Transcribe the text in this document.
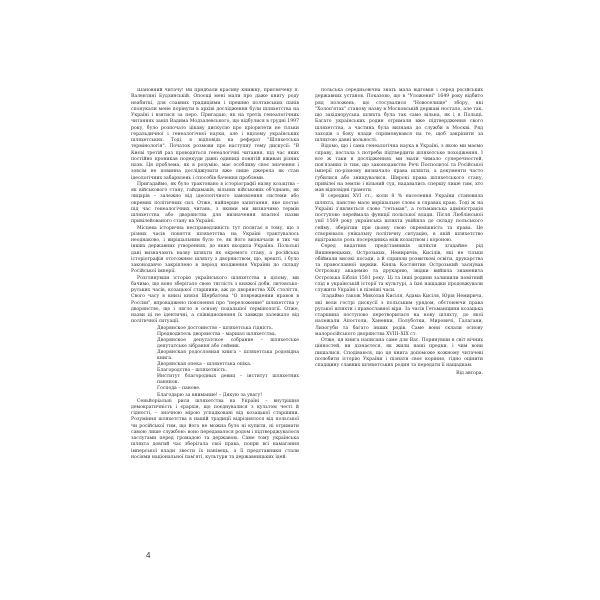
Шановний читачу! Ви придбали красиву книжку, присвячену п. Валентині Будзинській. Опоєщі мені мали про даже книгу роду неабиткі, для славних традиціями і прешню полтавських панів спонукали мене порінути в архіві дослідження були шляхетства на Україні і взятися за перо. Пригадаю, як на третіх генеалогічних читаннях заніп Вадима Модзалевського, що відбулися в грудні 1997 року, було розпочато цікаву дискусію про пріоритети не тільки геральдичної і генеалогічної науки, але і вцілому українських шляхетських. Тоді, в відповідь на реферат "Шляхетська термінологія". Початок розмови про наступну тему дискусії: "В Києві третій раз проводяться генеалогічні читання, під час яких постійно проникав подекуди давні одиниці понятій вживан різних назв. Ця проблема, як я розумію, має особливу своє значення і зовсім не повинна досліджувати вже лише джерела як стан ідеологічних забарвлень і способів бачення проблеми.

Пригадаймо, як було трактовано в історіографії назву козацтва – як військового стану, гайдамаків, вільних військових об'єднань, як лицарів – залежно від ідеологічного замовлення системи або окремих політичних сил. Отже, найперше запитання, яке постає під час генеалогічних читань, з якими ми визначимо термін шляхетства або дворянства для визначення власної назви привілейованого стану на Україні.

Місцева історична несправедливість тут полягає в тому, що з різних часів поняття шляхетства на Україні трактувалось неоднаково, і вирішальним було те, як його визначали в тих чи інших державних утвореннях, до яких входила Україна. Польські дані визначають назву шляхти як окремого стану, а російська історіографія ототожнює шляхту з дворянством, що, врешті, і було законодавчо закріплено в період входження України до складу Російської імперії.

Розглянувши історію українського шляхетства в цілому, ми бачимо, що воно зберігало свою тяглість з княжої доби, литовсько-руських часів, козацької старшини, аж до дворянства XIX століття. Свого часу в книзі князя Щербатова "О повреждении нравов в России", впроваджено пояснення про "переложение" шляхетства у дворянство, що і лягло в основу подальшої термінології. Отже, назви ці не ідентичні, а співвідношення їх завжди залежало від політичної ситуації.

Дворянское достоинство – шляхетська гідність.

Предводитель дворянства – маршал шляхетства.

Дворянское депутатское собрание – шляхетське депутатське зібрання або сеймик.

Дворянская родословная книга – шляхетська родовідна книга.

Дворянская опека – шляхетська опіка.

Благородство – шляхетність.

Институт благородных девиц – інститут шляхетних панянок.

Господа – панове.

Благодарю за внимание! – Дякую за увагу!

Сеньйоріальні риси шляхетства на Україні – внутрішня демократичність і єрархія, що поєднувалися з культом честі й гідності, – значною мірою успадковані від козацької старшини. Розуміння шляхетства в нашій традиції відрізнялося від польської чи російської тим, що його не можна було ні купити, ні отримати самою лише службою: воно передавалося родом і підтверджувалося заслугами перед громадою та державою. Саме тому українська шляхта довгий час зберігала свої права, попри всі намагання імперської влади звести їх нанівець, а її представники стали носіями національної пам'яті, культури та державницьких ідей.

польська середньовічна знать мала відгомін і серед російських державних установ. Показово, що в "Уложенні" 1649 року відбито ряд положень, що стосувалися "Новоселище" збору, які "Холоп'ятах" станову назву в Московській державі ностало, але так, що західноруська шляхта була так само вільна, як і в Польщі. Багато українських родин отримали вже підтвердження свого шляхетства, а частина була визнана до служби в Москві. Ряд заходів з боку влади спрямовувався на те, щоб закріпити за шляхтою давні вольності.

Відомо, що і сама генеалогічна наука в Україні, з якою ми маємо справу, постала з потреби підтвердити шляхетське походження. І все ж таки в дослідженнях ми мали чимало суперечностей, пов'язаних із тим, що законодавство Речі Посполитої та Російської імперії по-різному визначало права шляхти, а документи часто губилися або знищувалися. Широкі права шляхетського стану, привілеї на землю і вільний суд, надавались спершу лише тим, хто мав відповідні грамоти.

В середині XVI ст., коли 8 % населення України становила шляхта, панство мало вирішальне слово в справах краю. Тоді ж на Україні з'являється слово "гетьман", а гетьманська адміністрація поступово переймала функції польської влади. Після Люблінської унії 1569 року українська шляхта увійшла до складу польського сейму, зберігши при цьому свою окремішність та права. Це створювало унікальну політичну ситуацію, в якій шляхетство відігравало роль посередника між козацтвом і короною.

Серед видатних представників шляхти згадаймо рід Вишневецьких, Острозьких, Немиричів, Кисілів, які не тільки обіймали високі посади, а й сприяли розвиткові освіти, друкарства та православної церкви. Князь Костянтин Острозький заснував Острозьку академію та друкарню, звідки вийшла знаменита Острозька Біблія 1581 року. Ці та інші родини залишили помітний слід в українській історії та культурі, а їхні нащадки продовжували служити Україні і в пізніші часи.

Згадаймо також Миколая Кисіля, Адама Кисіля, Юрія Немирича, які вели гострі дискусії з польським урядом, обстоюючи права руської шляхти і православної віри. За часів Гетьманщини козацька старшина поступово перетворилася на нову шляхту, до якої належали Апостоли, Ханенки, Полуботки, Мировичі, Ґалагани, Лизогуби та багато інших родів. Саме вони склали основу малоросійського дворянства XVIII–XIX ст.

Отже, ця книга написана саме для Вас. Поринувши в світ вічних цінностей, ви дізнаєтеся, як жили наші предки, і чим вони пишалися. Сподіваюся, що ця книга допоможе кожному читачеві полюбити історію України і пізнати своє коріння, гідно оцінити спадщину славних шляхетських родин та передати її нащадкам.

Від автора.

4
